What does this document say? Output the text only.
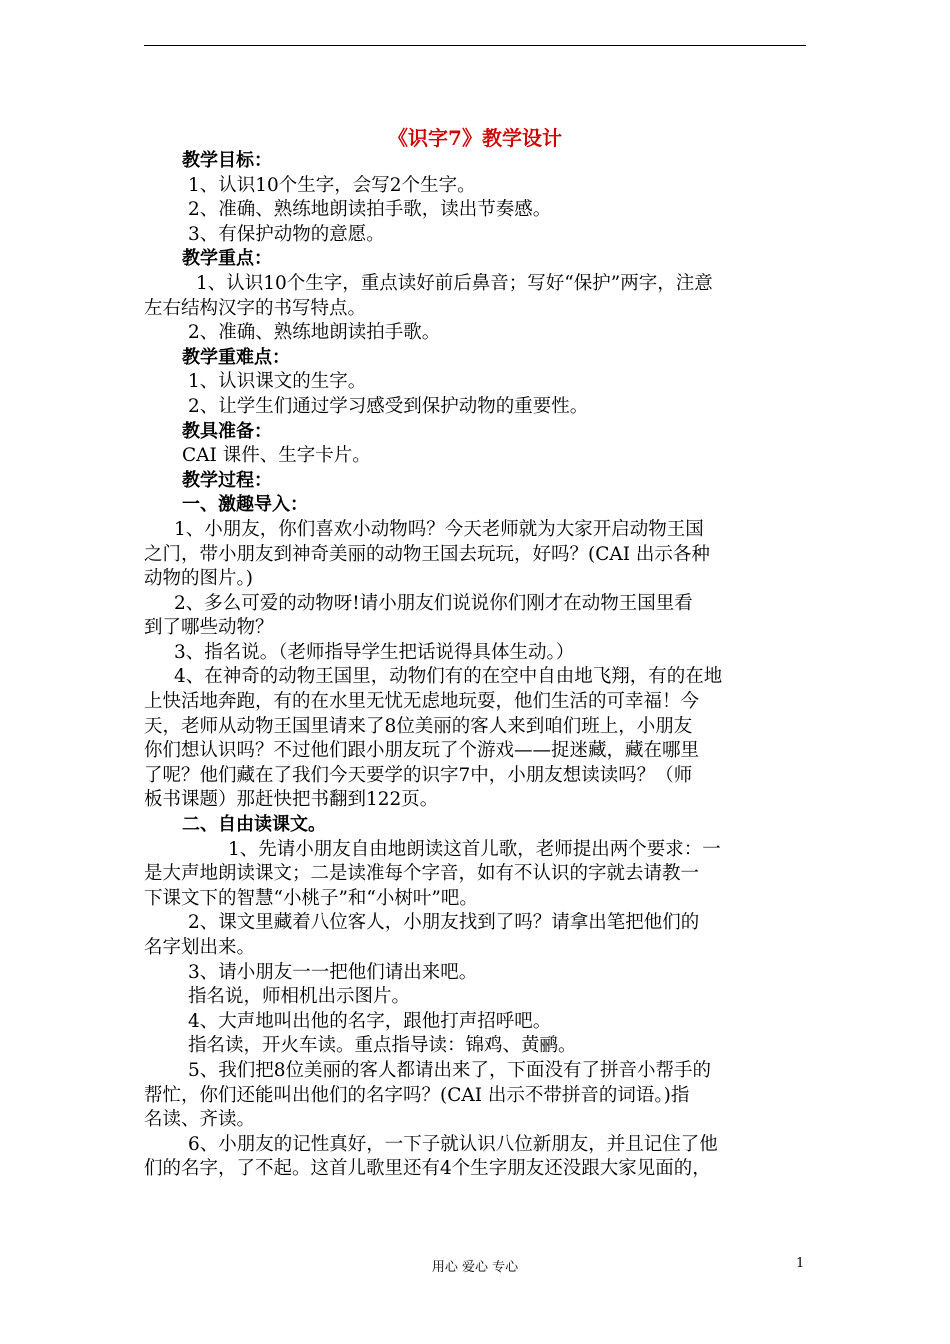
《识字7》教学设计
教学目标：
1、认识10个生字，会写2个生字。
2、准确、熟练地朗读拍手歌，读出节奏感。
3、有保护动物的意愿。
教学重点：
1、认识10个生字，重点读好前后鼻音；写好“保护”两字，注意
左右结构汉字的书写特点。
2、准确、熟练地朗读拍手歌。
教学重难点：
1、认识课文的生字。
2、让学生们通过学习感受到保护动物的重要性。
教具准备：
CAI 课件、生字卡片。
教学过程：
一、激趣导入：
1、小朋友，你们喜欢小动物吗？今天老师就为大家开启动物王国
之门，带小朋友到神奇美丽的动物王国去玩玩，好吗？(CAI 出示各种
动物的图片。)
2、多么可爱的动物呀!请小朋友们说说你们刚才在动物王国里看
到了哪些动物？
3、指名说。（老师指导学生把话说得具体生动。）
4、在神奇的动物王国里，动物们有的在空中自由地飞翔，有的在地
上快活地奔跑，有的在水里无忧无虑地玩耍，他们生活的可幸福！今
天，老师从动物王国里请来了8位美丽的客人来到咱们班上，小朋友
你们想认识吗？不过他们跟小朋友玩了个游戏——捉迷藏，藏在哪里
了呢？他们藏在了我们今天要学的识字7中，小朋友想读读吗？（师
板书课题）那赶快把书翻到122页。
二、自由读课文。
1、先请小朋友自由地朗读这首儿歌，老师提出两个要求：一
是大声地朗读课文；二是读准每个字音，如有不认识的字就去请教一
下课文下的智慧“小桃子”和“小树叶”吧。
2、课文里藏着八位客人，小朋友找到了吗？请拿出笔把他们的
名字划出来。
3、请小朋友一一把他们请出来吧。
指名说，师相机出示图片。
4、大声地叫出他的名字，跟他打声招呼吧。
指名读，开火车读。重点指导读：锦鸡、黄鹂。
5、我们把8位美丽的客人都请出来了，下面没有了拼音小帮手的
帮忙，你们还能叫出他们的名字吗？(CAI 出示不带拼音的词语。)指
名读、齐读。
6、小朋友的记性真好，一下子就认识八位新朋友，并且记住了他
们的名字，了不起。这首儿歌里还有4个生字朋友还没跟大家见面的，
用心 爱心 专心	1
